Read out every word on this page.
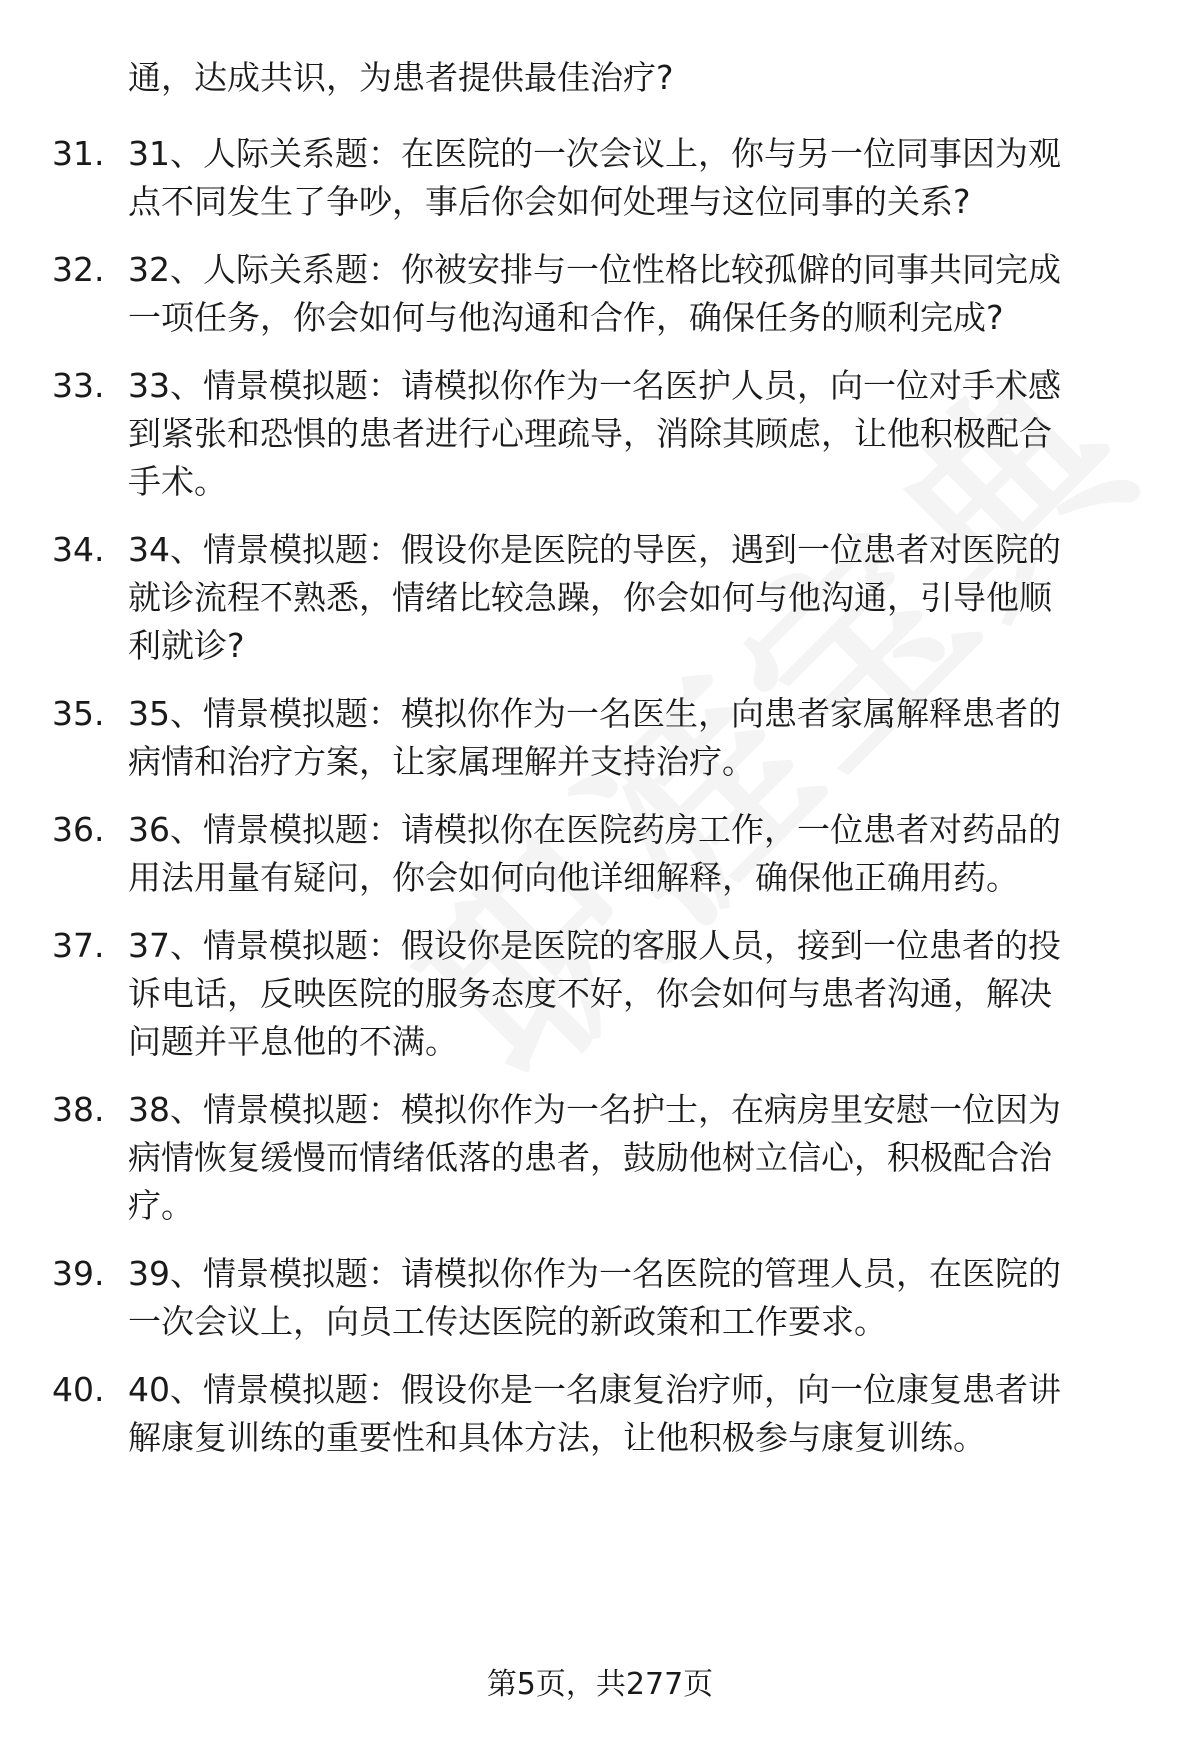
通，达成共识，为患者提供最佳治疗?
31. 31、人际关系题：在医院的一次会议上，你与另一位同事因为观
点不同发生了争吵，事后你会如何处理与这位同事的关系?
32. 32、人际关系题：你被安排与一位性格比较孤僻的同事共同完成
一项任务，你会如何与他沟通和合作，确保任务的顺利完成?
33. 33、情景模拟题：请模拟你作为一名医护人员，向一位对手术感
到紧张和恐惧的患者进行心理疏导，消除其顾虑，让他积极配合
手术。
34. 34、情景模拟题：假设你是医院的导医，遇到一位患者对医院的
就诊流程不熟悉，情绪比较急躁，你会如何与他沟通，引导他顺
利就诊?
35. 35、情景模拟题：模拟你作为一名医生，向患者家属解释患者的
病情和治疗方案，让家属理解并支持治疗。
36. 36、情景模拟题：请模拟你在医院药房工作，一位患者对药品的
用法用量有疑问，你会如何向他详细解释，确保他正确用药。
37. 37、情景模拟题：假设你是医院的客服人员，接到一位患者的投
诉电话，反映医院的服务态度不好，你会如何与患者沟通，解决
问题并平息他的不满。
38. 38、情景模拟题：模拟你作为一名护士，在病房里安慰一位因为
病情恢复缓慢而情绪低落的患者，鼓励他树立信心，积极配合治
疗。
39. 39、情景模拟题：请模拟你作为一名医院的管理人员，在医院的
一次会议上，向员工传达医院的新政策和工作要求。
40. 40、情景模拟题：假设你是一名康复治疗师，向一位康复患者讲
解康复训练的重要性和具体方法，让他积极参与康复训练。
第5页，共277页
